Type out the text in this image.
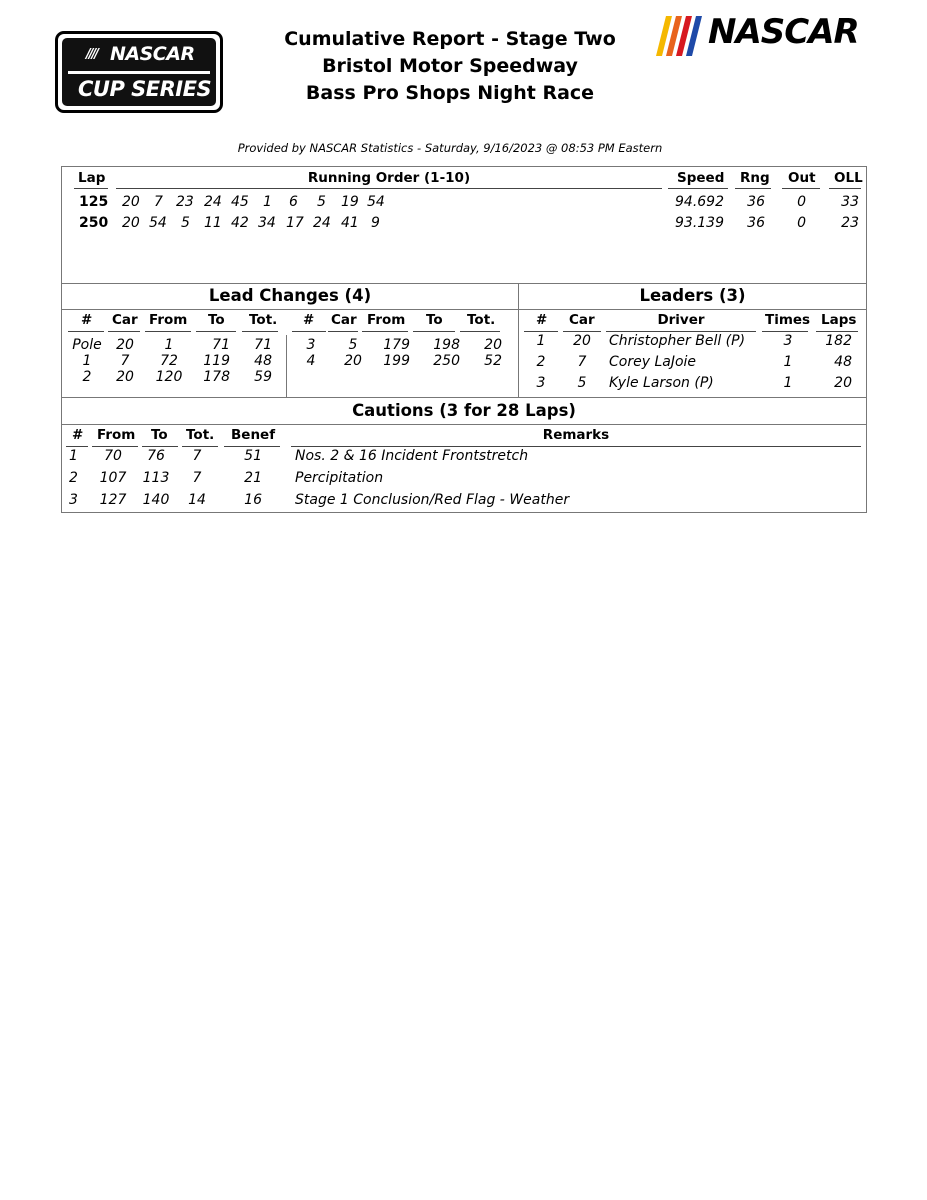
//// NASCAR
CUP SERIES
NASCAR
Cumulative Report - Stage Two
Bristol Motor Speedway
Bass Pro Shops Night Race
Provided by NASCAR Statistics - Saturday, 9/16/2023 @ 08:53 PM Eastern
Lap	Running Order (1-10)	Speed Rng Out OLL
125 20 7 23 24 45 1 6 5 19 54	94.692	36	0	33
250 20 54 5 11 42 34 17 24 41 9	93.139	36	0	23
Lead Changes (4)
# Car From To Tot. # Car From To Tot.
Pole	20	1	71	71
1	7	72	119	48
2	20	120	178	59
3	5	179	198	20
4	20	199	250	52
Leaders (3)
# Car	Driver	Times Laps
1	20	Christopher Bell (P)	3	182
2	7	Corey LaJoie	1	48
3	5	Kyle Larson (P)	1	20
Cautions (3 for 28 Laps)
# From To Tot. Benef	Remarks
1	70	76	7	51 Nos. 2 & 16 Incident Frontstretch
2	107	113	7	21 Percipitation
3	127	140	14	16 Stage 1 Conclusion/Red Flag - Weather
